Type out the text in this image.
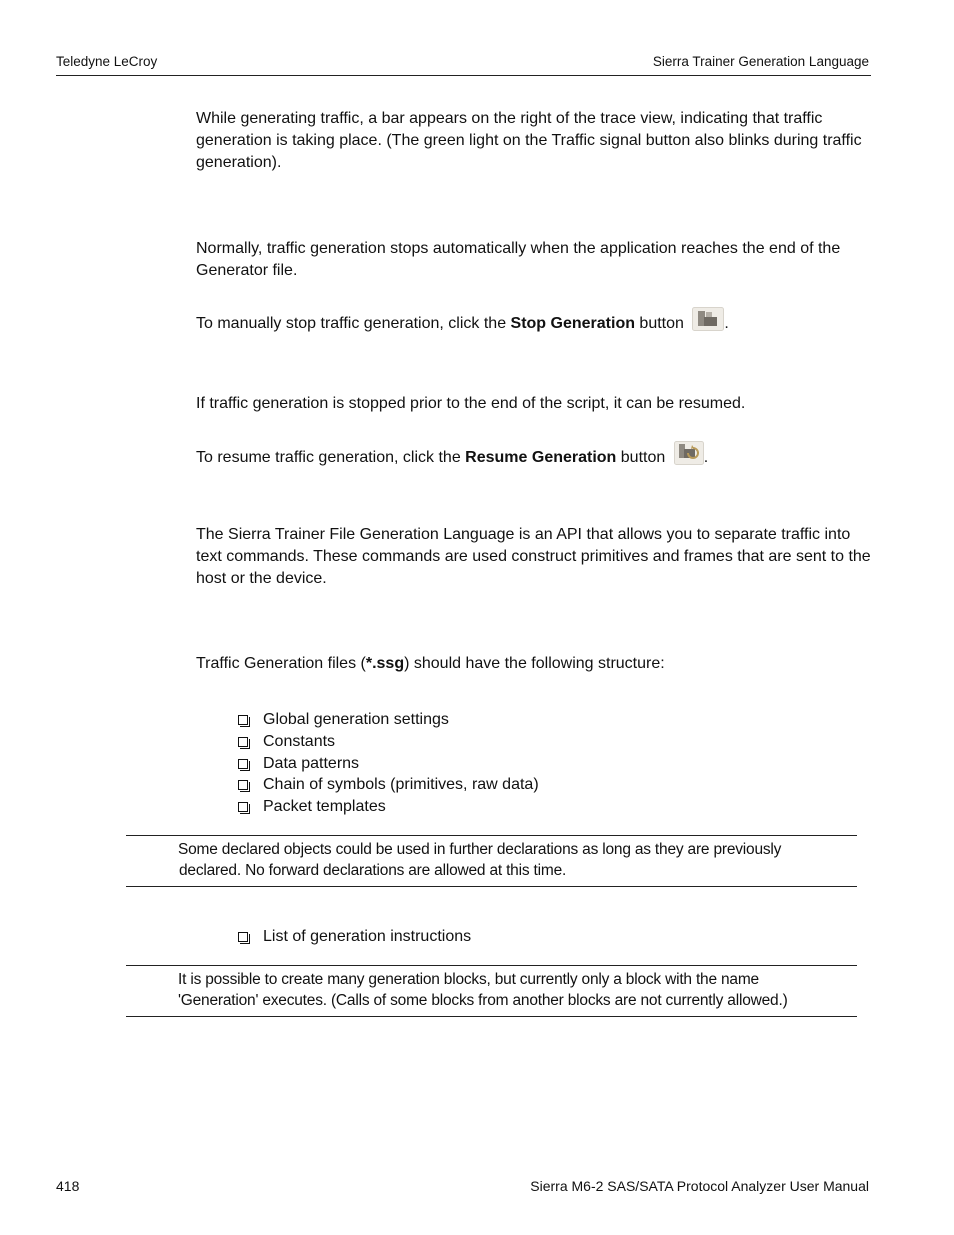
Teledyne LeCroy	Sierra Trainer Generation Language
While generating traffic, a bar appears on the right of the trace view, indicating that traffic generation is taking place. (The green light on the Traffic signal button also blinks during traffic generation).
Normally, traffic generation stops automatically when the application reaches the end of the Generator file.
To manually stop traffic generation, click the Stop Generation button	.
If traffic generation is stopped prior to the end of the script, it can be resumed.
To resume traffic generation, click the Resume Generation button .
The Sierra Trainer File Generation Language is an API that allows you to separate traffic into text commands. These commands are used construct primitives and frames that are sent to the host or the device.
Traffic Generation files (*.ssg) should have the following structure:
Global generation settings
Constants
Data patterns
Chain of symbols (primitives, raw data)
Packet templates
Some declared objects could be used in further declarations as long as they are previously
declared. No forward declarations are allowed at this time.
List of generation instructions
It is possible to create many generation blocks, but currently only a block with the name
'Generation' executes. (Calls of some blocks from another blocks are not currently allowed.)
418	Sierra M6-2 SAS/SATA Protocol Analyzer User Manual
